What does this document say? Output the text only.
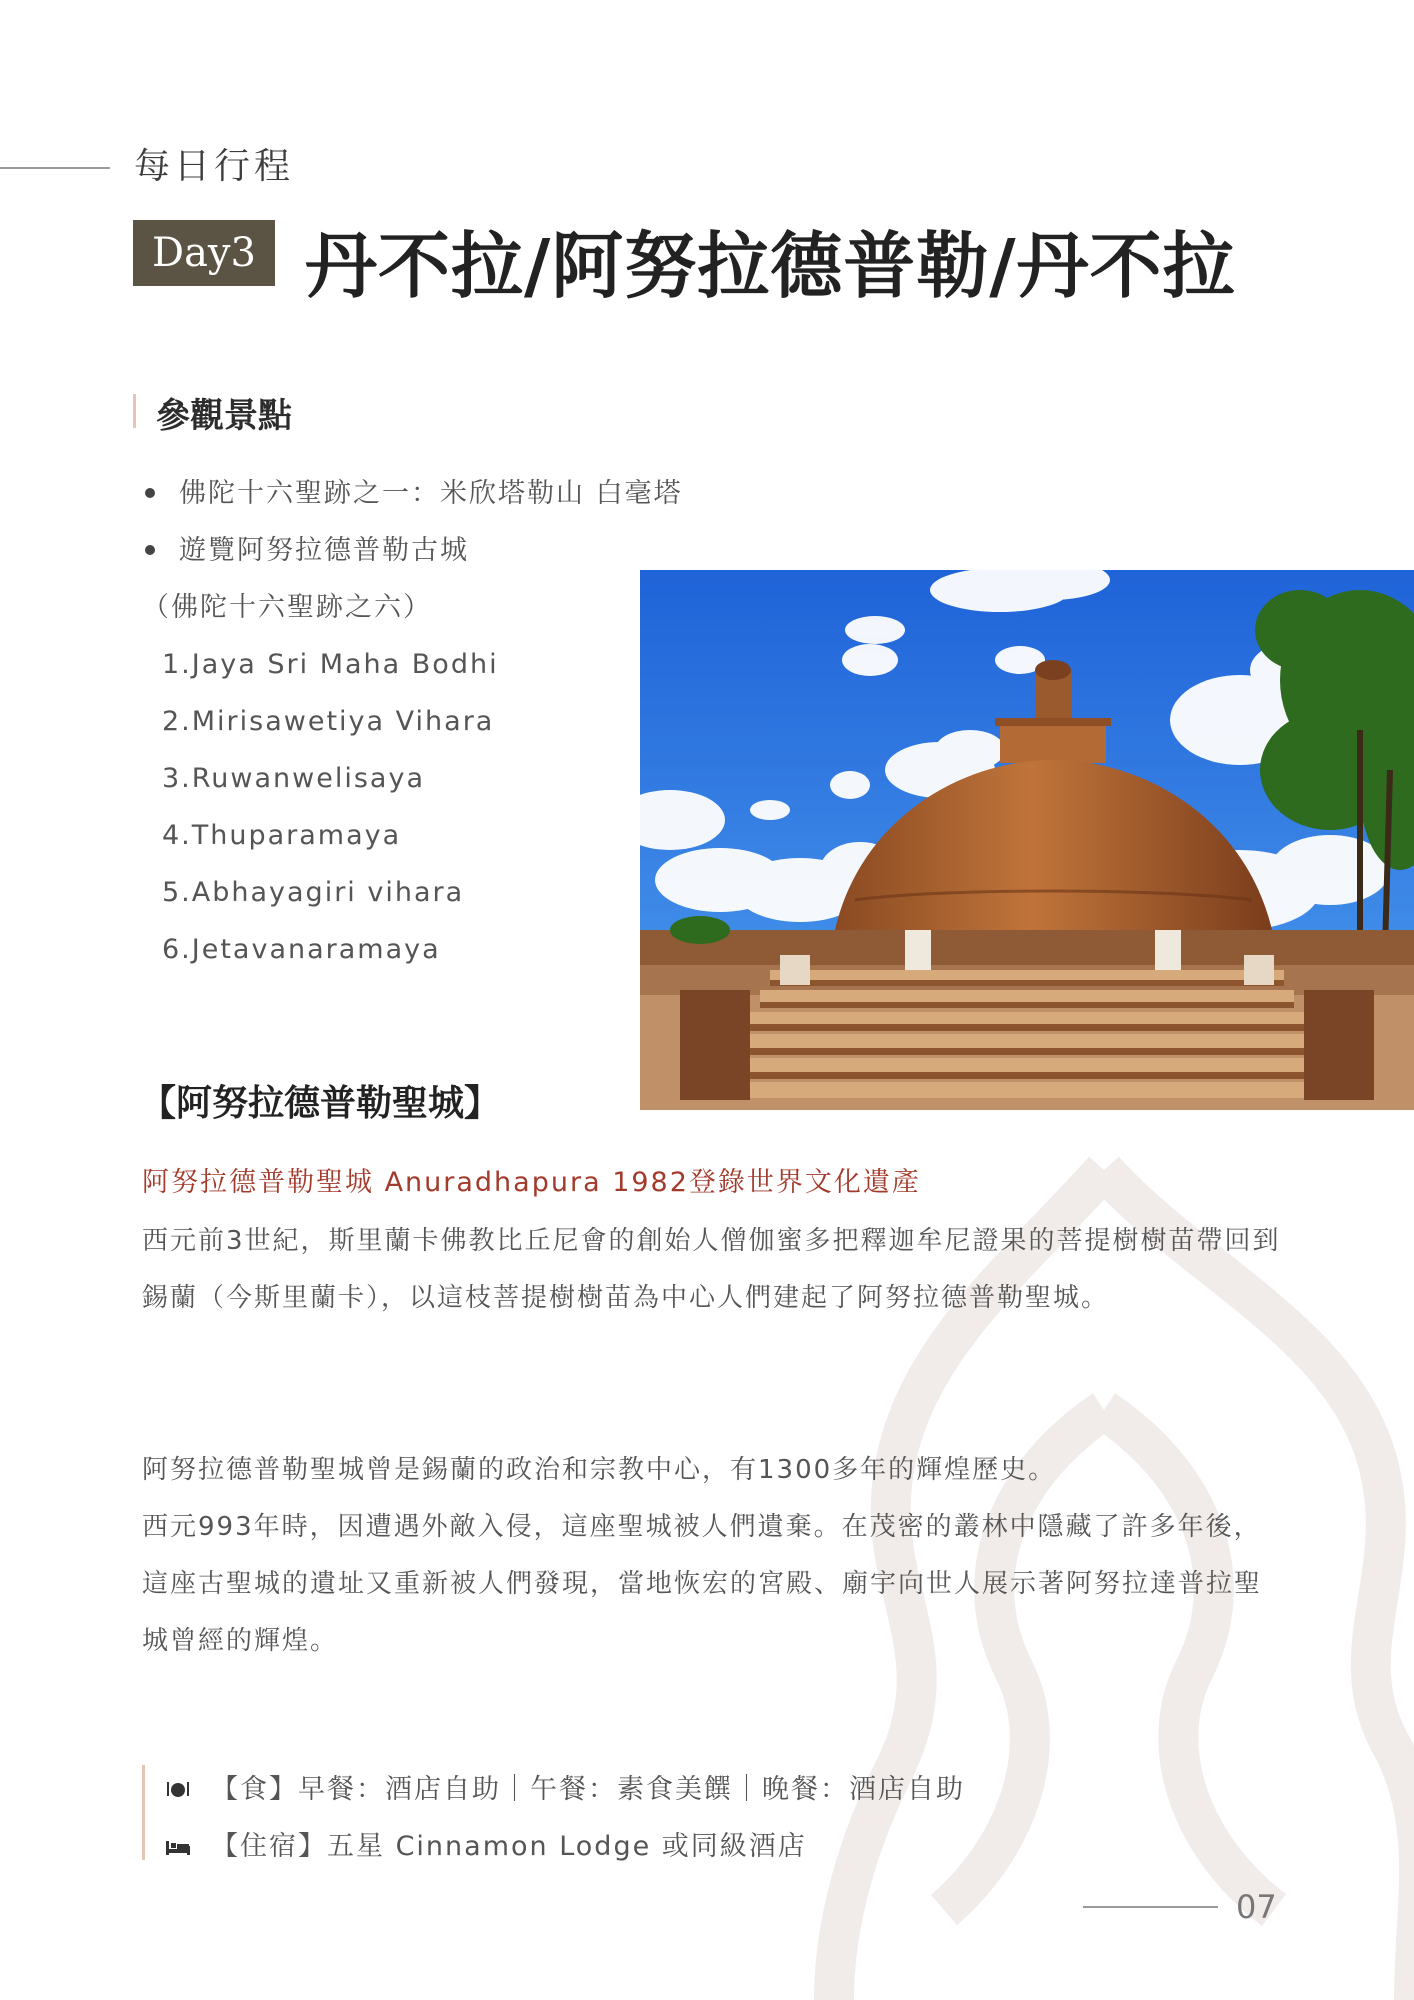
每日行程
Day3 丹不拉/阿努拉德普勒/丹不拉
參觀景點
佛陀十六聖跡之一：米欣塔勒山 白毫塔
遊覽阿努拉德普勒古城
（佛陀十六聖跡之六）
1.Jaya Sri Maha Bodhi
2.Mirisawetiya Vihara
3.Ruwanwelisaya
4.Thuparamaya
5.Abhayagiri vihara
6.Jetavanaramaya
【阿努拉德普勒聖城】
阿努拉德普勒聖城 Anuradhapura 1982登錄世界文化遺產
西元前3世紀，斯里蘭卡佛教比丘尼會的創始人僧伽蜜多把釋迦牟尼證果的菩提樹樹苗帶回到錫蘭（今斯里蘭卡），以這枝菩提樹樹苗為中心人們建起了阿努拉德普勒聖城。
阿努拉德普勒聖城曾是錫蘭的政治和宗教中心，有1300多年的輝煌歷史。
西元993年時，因遭遇外敵入侵，這座聖城被人們遺棄。在茂密的叢林中隱藏了許多年後，這座古聖城的遺址又重新被人們發現，當地恢宏的宮殿、廟宇向世人展示著阿努拉達普拉聖城曾經的輝煌。
【食】早餐：酒店自助｜午餐：素食美饌｜晚餐：酒店自助
【住宿】五星 Cinnamon Lodge 或同級酒店
07
